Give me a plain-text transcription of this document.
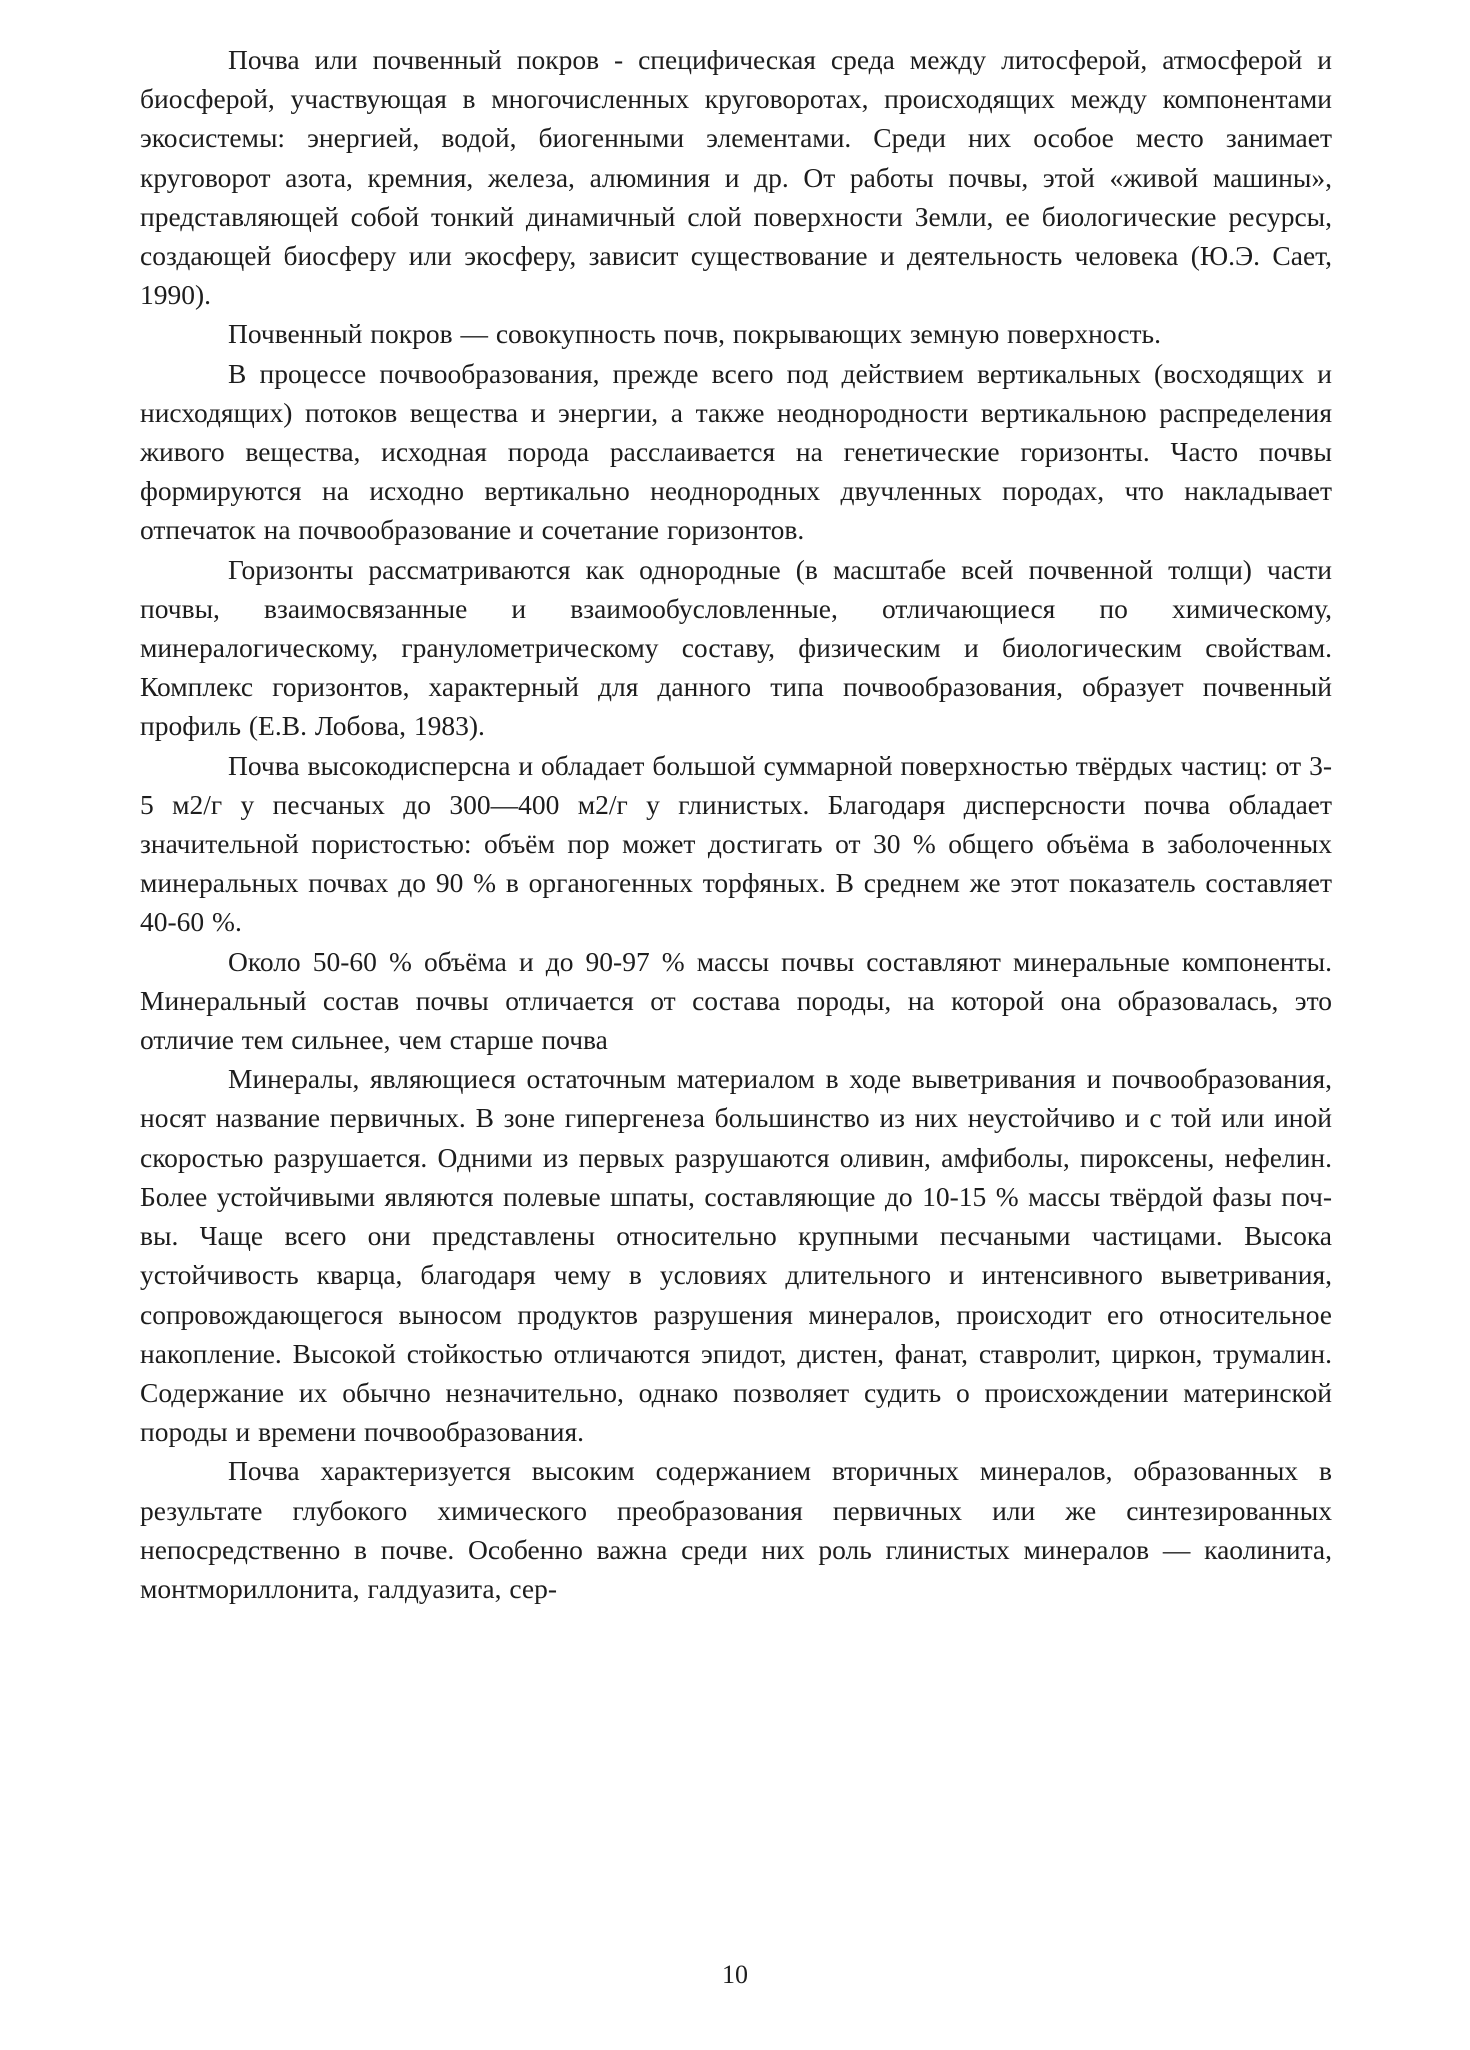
Почва или почвенный покров - специфическая среда между литосферой, атмосферой и биосферой, участвующая в многочисленных круговоротах, происходящих между компонентами экосистемы: энергией, водой, биогенными элементами. Среди них особое место занимает круговорот азота, кремния, железа, алюминия и др. От работы почвы, этой «живой машины», представляющей собой тонкий динамичный слой поверхности Земли, ее биологические ресурсы, создающей биосферу или экосферу, зависит существование и деятельность человека (Ю.Э. Сает, 1990).

Почвенный покров — совокупность почв, покрывающих земную поверхность.

В процессе почвообразования, прежде всего под действием вертикальных (восходящих и нисходящих) потоков вещества и энергии, а также неоднородности вертикальною распределения живого вещества, исходная порода расслаивается на генетические горизонты. Часто почвы формируются на исходно вертикально неоднородных двучленных породах, что накладывает отпечаток на почвообразование и сочетание горизонтов.

Горизонты рассматриваются как однородные (в масштабе всей почвенной толщи) части почвы, взаимосвязанные и взаимообусловленные, отличающиеся по химическому, минералогическому, гранулометрическому составу, физическим и биологическим свойствам. Комплекс горизонтов, характерный для данного типа почвообразования, образует почвенный профиль (Е.В. Лобова, 1983).

Почва высокодисперсна и обладает большой суммарной поверхностью твёрдых частиц: от 3-5 м2/г у песчаных до 300—400 м2/г у глинистых. Благодаря дисперсности почва обладает значительной пористостью: объём пор может достигать от 30 % общего объёма в заболоченных минеральных почвах до 90 % в органогенных торфяных. В среднем же этот показатель составляет 40-60 %.

Около 50-60 % объёма и до 90-97 % массы почвы составляют минеральные компоненты. Минеральный состав почвы отличается от состава породы, на которой она образовалась, это отличие тем сильнее, чем старше почва

Минералы, являющиеся остаточным материалом в ходе выветривания и почвообразования, носят название первичных. В зоне гипергенеза большинство из них неустойчиво и с той или иной скоростью разрушается. Одними из первых разрушаются оливин, амфиболы, пироксены, нефелин. Более устойчивыми являются полевые шпаты, составляющие до 10-15 % массы твёрдой фазы почвы. Чаще всего они представлены относительно крупными песчаными частицами. Высока устойчивость кварца, благодаря чему в условиях длительного и интенсивного выветривания, сопровождающегося выносом продуктов разрушения минералов, происходит его относительное накопление. Высокой стойкостью отличаются эпидот, дистен, фанат, ставролит, циркон, трумалин. Содержание их обычно незначительно, однако позволяет судить о происхождении материнской породы и времени почвообразования.

Почва характеризуется высоким содержанием вторичных минералов, образованных в результате глубокого химического преобразования первичных или же синтезированных непосредственно в почве. Особенно важна среди них роль глинистых минералов — каолинита, монтмориллонита, галдуазита, сер-

10
